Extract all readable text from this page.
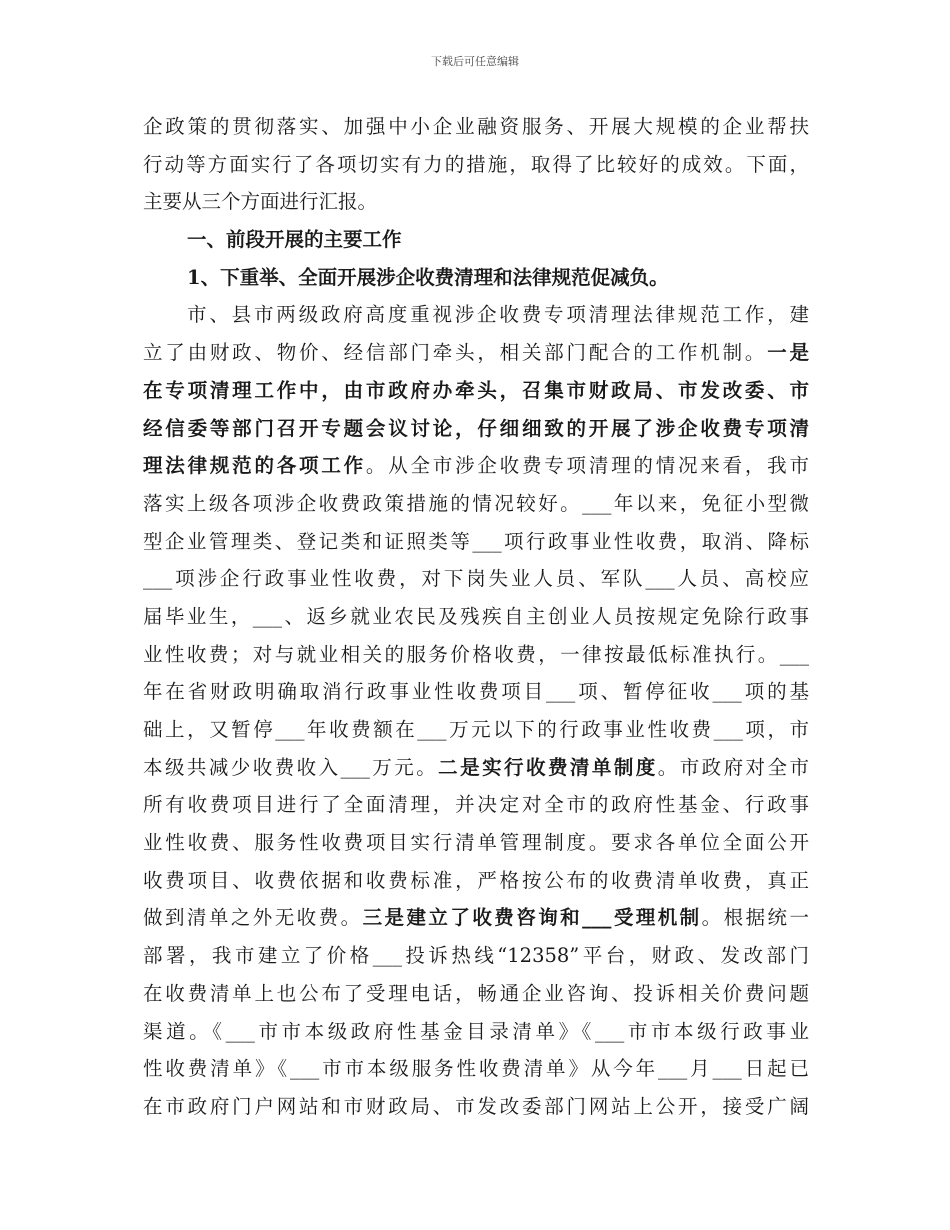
下载后可任意编辑
企政策的贯彻落实、加强中小企业融资服务、开展大规模的企业帮扶
行动等方面实行了各项切实有力的措施，取得了比较好的成效。下面，
主要从三个方面进行汇报。
一、前段开展的主要工作
1、下重举、全面开展涉企收费清理和法律规范促减负。
市、县市两级政府高度重视涉企收费专项清理法律规范工作，建
立了由财政、物价、经信部门牵头，相关部门配合的工作机制。一是
在专项清理工作中，由市政府办牵头，召集市财政局、市发改委、市
经信委等部门召开专题会议讨论，仔细细致的开展了涉企收费专项清
理法律规范的各项工作。从全市涉企收费专项清理的情况来看，我市
落实上级各项涉企收费政策措施的情况较好。___年以来，免征小型微
型企业管理类、登记类和证照类等___项行政事业性收费，取消、降标
___项涉企行政事业性收费，对下岗失业人员、军队___人员、高校应
届毕业生，___、返乡就业农民及残疾自主创业人员按规定免除行政事
业性收费；对与就业相关的服务价格收费，一律按最低标准执行。___
年在省财政明确取消行政事业性收费项目___项、暂停征收___项的基
础上，又暂停___年收费额在___万元以下的行政事业性收费___项，市
本级共减少收费收入___万元。二是实行收费清单制度。市政府对全市
所有收费项目进行了全面清理，并决定对全市的政府性基金、行政事
业性收费、服务性收费项目实行清单管理制度。要求各单位全面公开
收费项目、收费依据和收费标准，严格按公布的收费清单收费，真正
做到清单之外无收费。三是建立了收费咨询和___受理机制。根据统一
部署，我市建立了价格___投诉热线“12358”平台，财政、发改部门
在收费清单上也公布了受理电话，畅通企业咨询、投诉相关价费问题
渠道。《___市市本级政府性基金目录清单》《___市市本级行政事业
性收费清单》《___市市本级服务性收费清单》从今年___月___日起已
在市政府门户网站和市财政局、市发改委部门网站上公开，接受广阔
